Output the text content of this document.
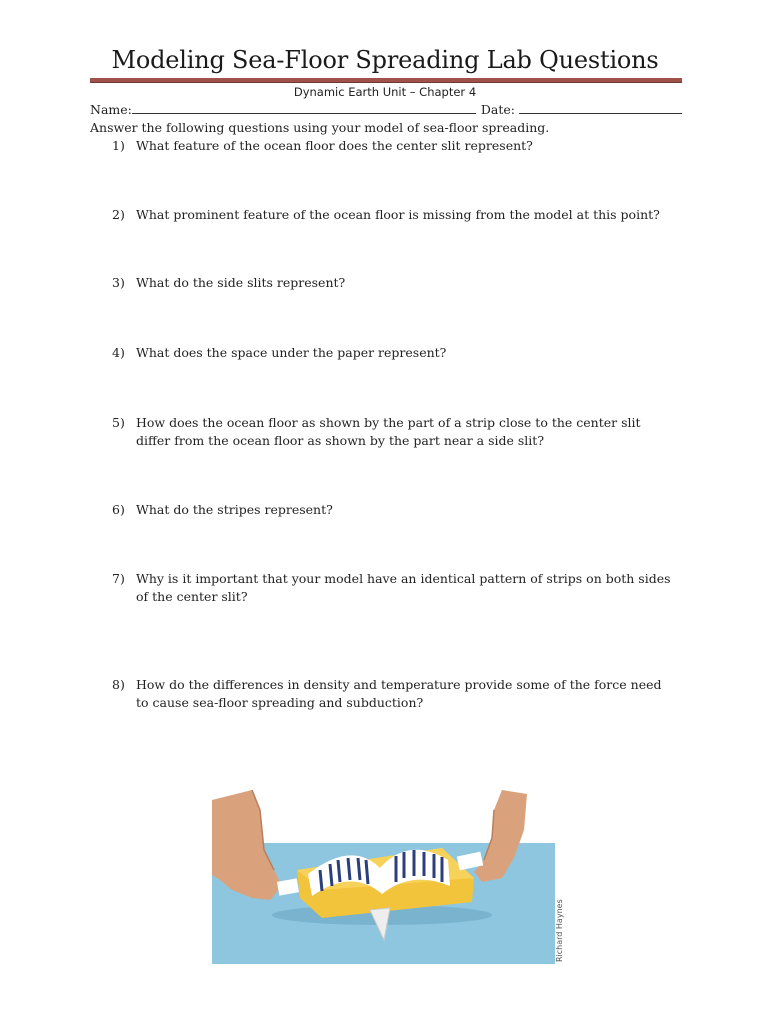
Modeling Sea-Floor Spreading Lab Questions
Dynamic Earth Unit – Chapter 4
Name:	Date:
Answer the following questions using your model of sea-floor spreading.
1) What feature of the ocean floor does the center slit represent?
2) What prominent feature of the ocean floor is missing from the model at this point?
3) What do the side slits represent?
4) What does the space under the paper represent?
5) How does the ocean floor as shown by the part of a strip close to the center slit differ from the ocean floor as shown by the part near a side slit?
6) What do the stripes represent?
7) Why is it important that your model have an identical pattern of strips on both sides of the center slit?
8) How do the differences in density and temperature provide some of the force need to cause sea-floor spreading and subduction?
Richard Haynes
